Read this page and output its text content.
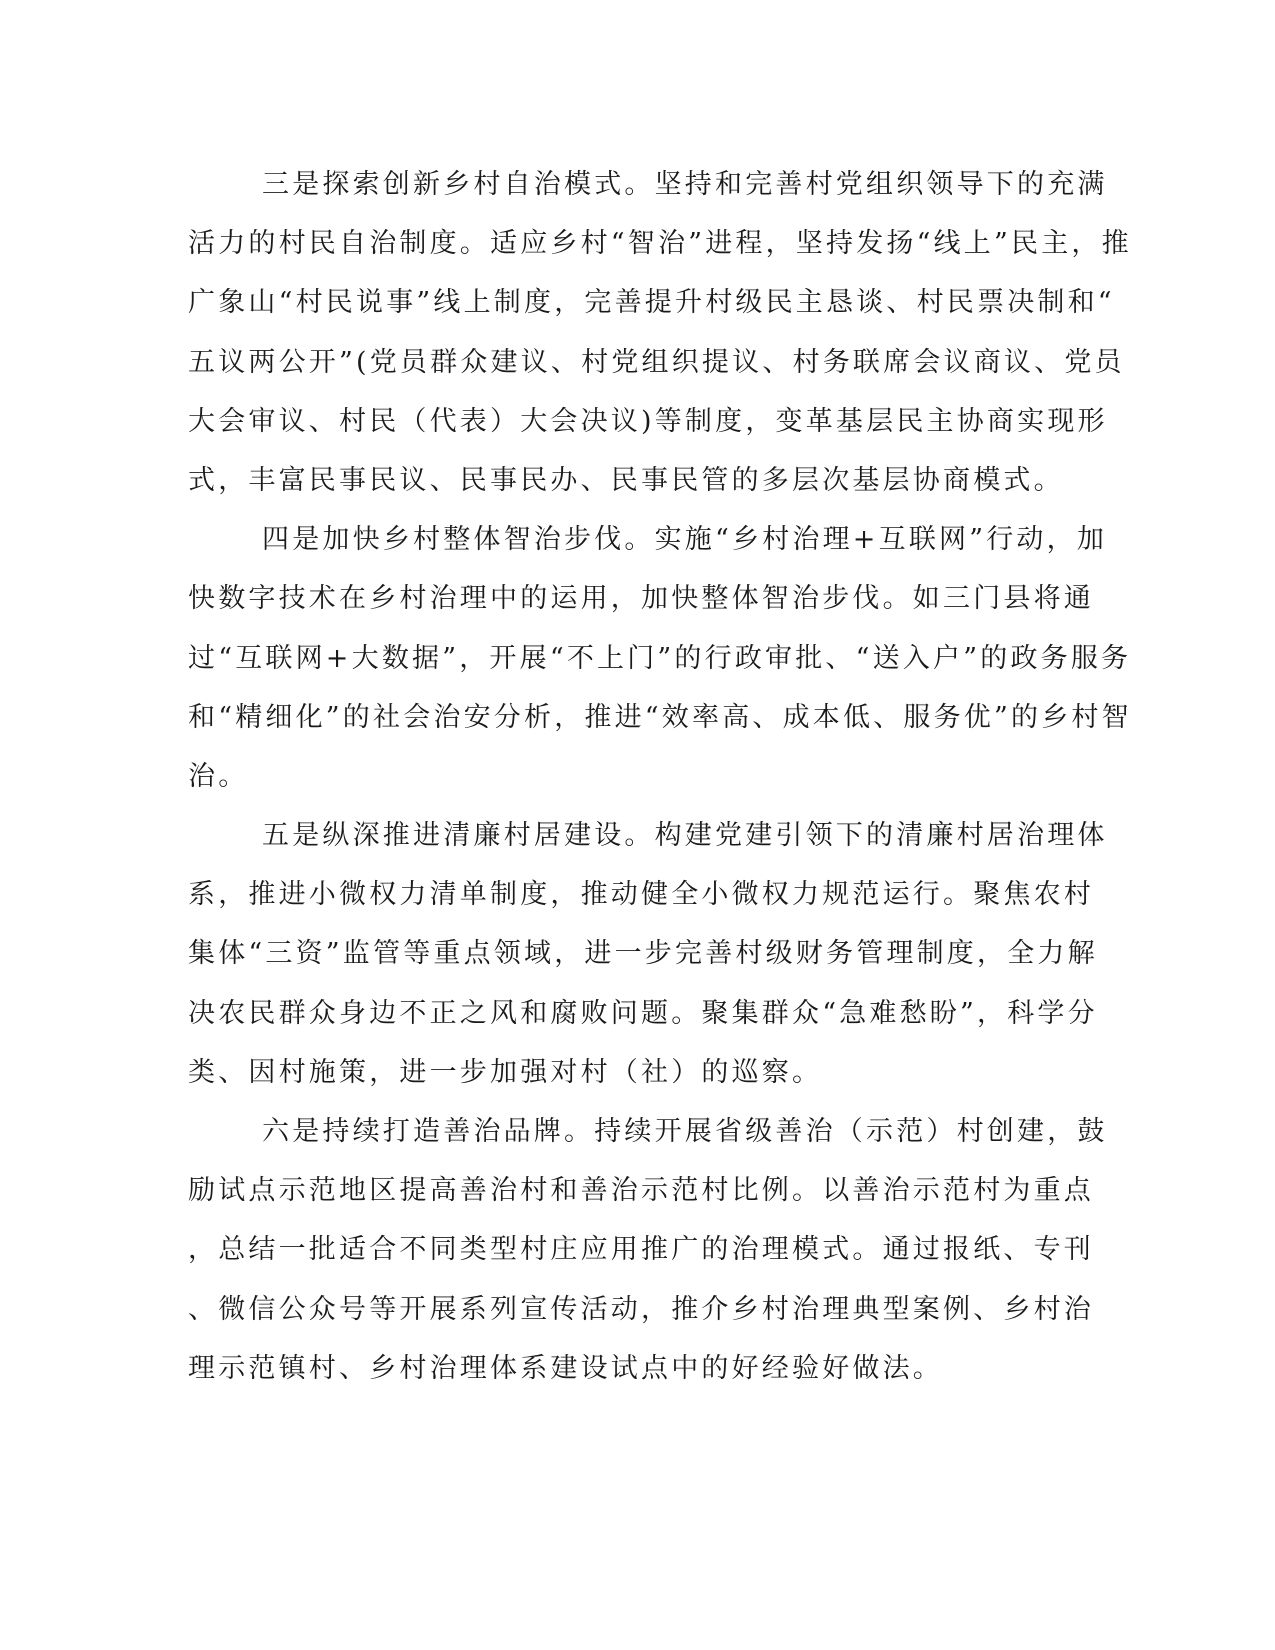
三是探索创新乡村自治模式。坚持和完善村党组织领导下的充满
活力的村民自治制度。适应乡村“智治”进程，坚持发扬“线上”民主，推
广象山“村民说事”线上制度，完善提升村级民主恳谈、村民票决制和“
五议两公开”(党员群众建议、村党组织提议、村务联席会议商议、党员
大会审议、村民（代表）大会决议)等制度，变革基层民主协商实现形
式，丰富民事民议、民事民办、民事民管的多层次基层协商模式。
四是加快乡村整体智治步伐。实施“乡村治理+互联网”行动，加
快数字技术在乡村治理中的运用，加快整体智治步伐。如三门县将通
过“互联网+大数据”，开展“不上门”的行政审批、“送入户”的政务服务
和“精细化”的社会治安分析，推进“效率高、成本低、服务优”的乡村智
治。
五是纵深推进清廉村居建设。构建党建引领下的清廉村居治理体
系，推进小微权力清单制度，推动健全小微权力规范运行。聚焦农村
集体“三资”监管等重点领域，进一步完善村级财务管理制度，全力解
决农民群众身边不正之风和腐败问题。聚集群众“急难愁盼”，科学分
类、因村施策，进一步加强对村（社）的巡察。
六是持续打造善治品牌。持续开展省级善治（示范）村创建，鼓
励试点示范地区提高善治村和善治示范村比例。以善治示范村为重点
，总结一批适合不同类型村庄应用推广的治理模式。通过报纸、专刊
、微信公众号等开展系列宣传活动，推介乡村治理典型案例、乡村治
理示范镇村、乡村治理体系建设试点中的好经验好做法。
